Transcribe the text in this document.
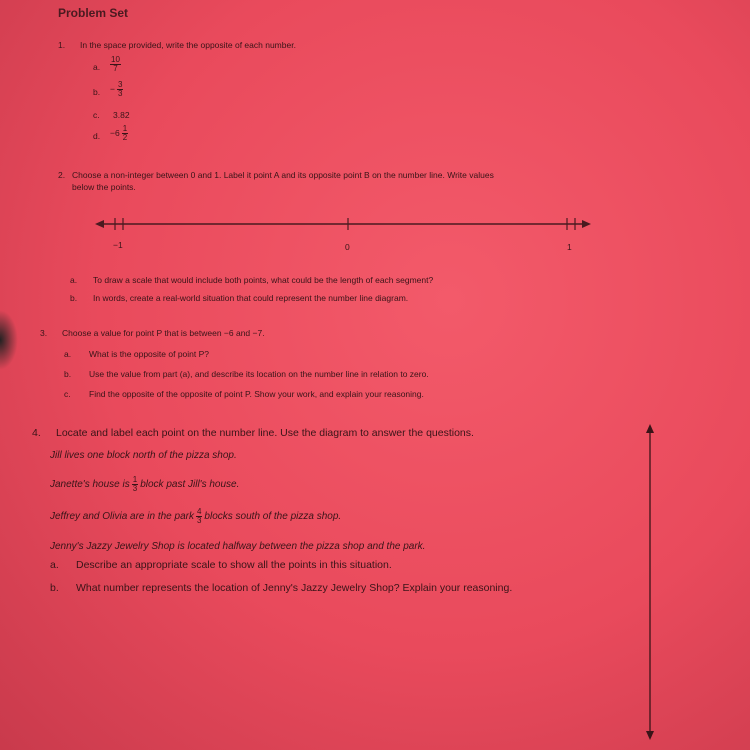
Problem Set
1. In the space provided, write the opposite of each number.
a. $\frac{10}{7}$
b. − $\frac{3}{3}$
c. 3.82
d. $-6 \frac{1}{2}$
2. Choose a non-integer between 0 and 1. Label it point A and its opposite point B on the number line. Write values
below the points.
−1	0	1
a. To draw a scale that would include both points, what could be the length of each segment?
b. In words, create a real-world situation that could represent the number line diagram.
3. Choose a value for point P that is between −6 and −7.
a. What is the opposite of point P?
b. Use the value from part (a), and describe its location on the number line in relation to zero.
c. Find the opposite of the opposite of point P. Show your work, and explain your reasoning.
4. Locate and label each point on the number line. Use the diagram to answer the questions.
Jill lives one block north of the pizza shop.
Janette's house is $\frac{1}{3}$ block past Jill's house.
Jeffrey and Olivia are in the park $\frac{4}{3}$ blocks south of the pizza shop.
Jenny's Jazzy Jewelry Shop is located halfway between the pizza shop and the park.
a. Describe an appropriate scale to show all the points in this situation.
b. What number represents the location of Jenny's Jazzy Jewelry Shop? Explain your reasoning.
